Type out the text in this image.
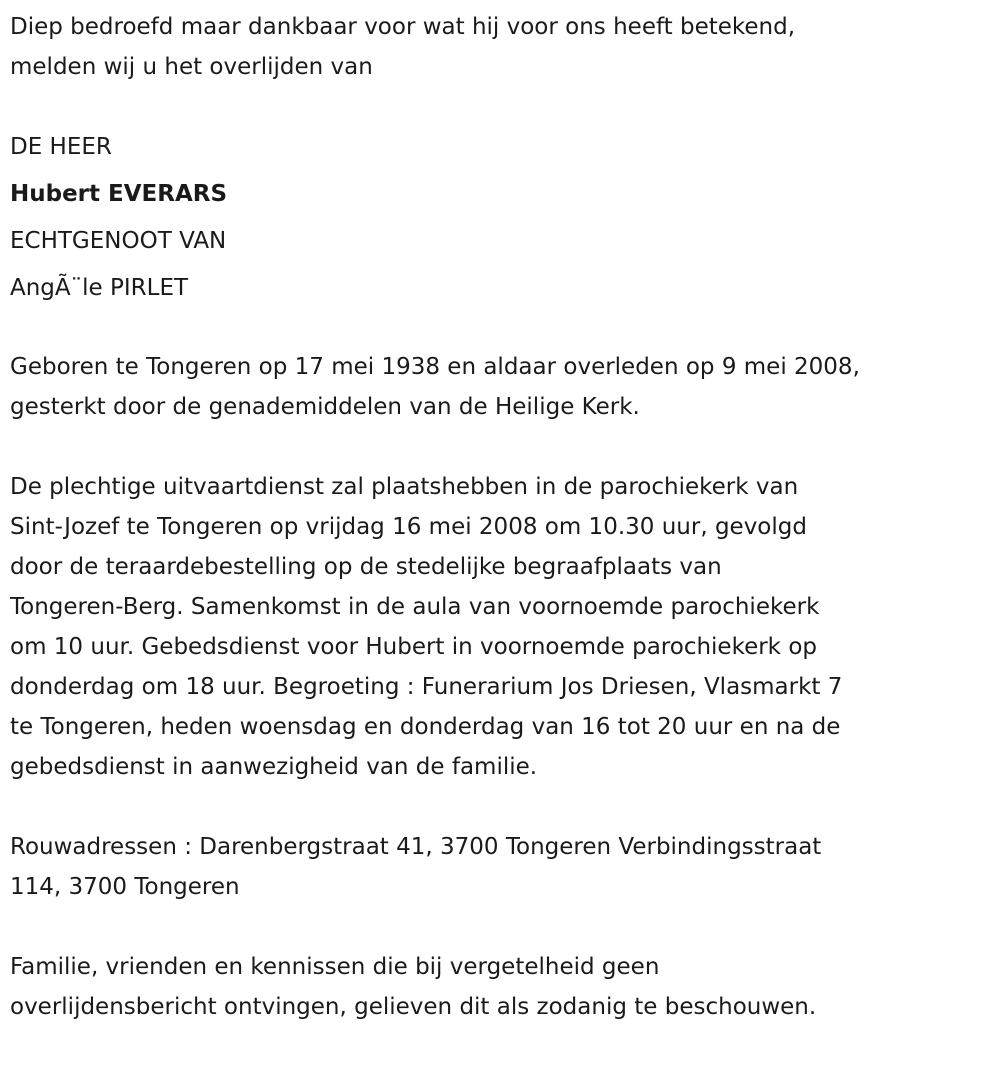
Diep bedroefd maar dankbaar voor wat hij voor ons heeft betekend,
melden wij u het overlijden van
DE HEER
Hubert EVERARS
ECHTGENOOT VAN
AngÃ¨le PIRLET
Geboren te Tongeren op 17 mei 1938 en aldaar overleden op 9 mei 2008,
gesterkt door de genademiddelen van de Heilige Kerk.
De plechtige uitvaartdienst zal plaatshebben in de parochiekerk van
Sint-Jozef te Tongeren op vrijdag 16 mei 2008 om 10.30 uur, gevolgd
door de teraardebestelling op de stedelijke begraafplaats van
Tongeren-Berg. Samenkomst in de aula van voornoemde parochiekerk
om 10 uur. Gebedsdienst voor Hubert in voornoemde parochiekerk op
donderdag om 18 uur. Begroeting : Funerarium Jos Driesen, Vlasmarkt 7
te Tongeren, heden woensdag en donderdag van 16 tot 20 uur en na de
gebedsdienst in aanwezigheid van de familie.
Rouwadressen : Darenbergstraat 41, 3700 Tongeren Verbindingsstraat
114, 3700 Tongeren
Familie, vrienden en kennissen die bij vergetelheid geen
overlijdensbericht ontvingen, gelieven dit als zodanig te beschouwen.
